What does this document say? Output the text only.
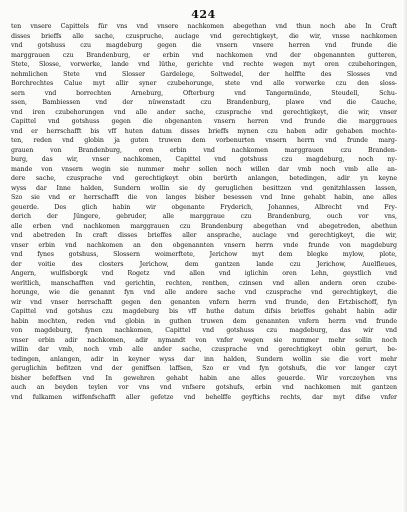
424
ten vnsere Capittels für vns vnd vnsere nachkomen abegethan vnd thun noch abe In Craft
disses brieffs alle sache, czuspruche, auclage vnd gerechtigkeyt, die wir, vnsse nachkomen
vnd gotshuss czu magdeburg gegen die vnsern vnsere herren vnd frunde die
marggrauen czu Brandenburg, er erbin vnd nachkomen vnd der obgenannten gutteren,
Stete, Slosse, vorwerke, lande vnd lüthe, gerichte vnd rechte wegen myt oren czubehoringen,
nehmlichen Stete vnd Slosser Gardelege, Soltwedel, der helffte des Slosses vnd
Borchrechtes Calue myt allir syner czubehorunge, stete vnd alle vorwerke czu den sloss-
sern vnd borrechten Arneburg, Ofterburg vnd Tangermünde, Steudell, Schu-
ssen, Bambiessen vnd der nüwenstadt czu Brandenburg, plawe vnd die Cauche,
vnd iren czubehorungen vnd alle ander sache, czusprache vnd gerechtigkeyt, die wir, vnser
Capittel vnd gotshuss gegen die obgenanten vnsern herren vnd frunde die marggraues
vnd er herrschafft bis vff huten datum disses brieffs mynen czu haben adir gehaben mochte-
ten, reden vnd globin ja guten truwen dem vorbenurten vnsern herrn vnd frunde marg-
grauen von Brandenburg, oren erbin vnd nachkomen marggrauen czu Branden-
burg, das wir, vnser nachkomen, Capittel vnd gotshuss czu magdeburg, noch ny-
mande von vnsern wegin sie nummer mehr sollen noch willen dar vmb noch vmb alle an-
dere sache, czusprache vnd gerechtigkeyt obin berürth anlangen, betedingen, adir yn keyne
wyss dar Inne halden, Sundern wollin sie dy geruglichen besittzen vnd genitzhlassen lassen,
Szo sie vnd er herrschafft die von langes bisher besessen vnd Inne gehabt habin, ane alles
geuerde. Des glich habin wir obgenante Fryderich, Johannes, Albrecht vnd Fry-
derich der Jüngere, gebruder, alle marggraue czu Brandenburg, ouch vor vns,
alle erben vnd nachkomen marggrauen czu Brandenburg abegethan vnd abegetreden, abethun
vnd abetreden In craft disses brieffes aller ansprache, auclage vnd gerechtigkeyt, die wir,
vnser erbin vnd nachkomen an den obgenannten vnsern herrn vnde frunde von magdeburg
vnd fynes gotshuss, Slossern woimerftete, Jerichow myt dem blegke mylow, plote,
der voitie des closters Jerichow, dem gantzen lande czu Jerichow, Auelfleues,
Angern, wulfisborgk vnd Rogetz vnd allen vnd iglichin oren Lehn, geystlich vnd
werltlich, manschafften vnd gerichtin, rechten, renthen, czinsen vnd allen andern oren czube-
horunge, wie die genannt fyn vnd alle andere sache vnd czusprache vnd gerechtigkeyt, die
wir vnd vnser herrschafft gegen den genanten vnfern herrn vnd frunde, den Ertzbischoff, fyn
Capittel vnd gotshus czu magdeburg bis vff huthe datum difsis brieffes gehabt habin adir
habin mochten, reden vnd globin in guthen truwen dem genannten vnfern herrn vnd frunde
von magdeburg, fynen nachkomen, Capittel vnd gotshuss czu magdeburg, das wir vnd
vnser erbin adir nachkomen, adir nymandt von vnfer wegen sie nummer mehr sollin noch
willin dar vmb, noch vmb alle ander sache, czusprache vnd gerechtigkeyt obin gerurt, be-
tedingen, anlangen, adir in keyner wyss dar inn halden, Sundern wollin sie die vort mehr
geruglichin befitzen vnd der geniffsen laffsen, Szo er vnd fyn gotshufs, die vor langer czyt
bisher befeffsen vnd In gewehren gehabt habin ane alles geuerde. Wir vorczeyhen vns
auch an beyden teylen vor vns vnd vnfsere gotshufs, erbin vnd nachkomen mit gantzen
vnd fulkamen wiffenfschafft aller gefetze vnd behelffe geyftichs rechts, dar myt difse vnfer
